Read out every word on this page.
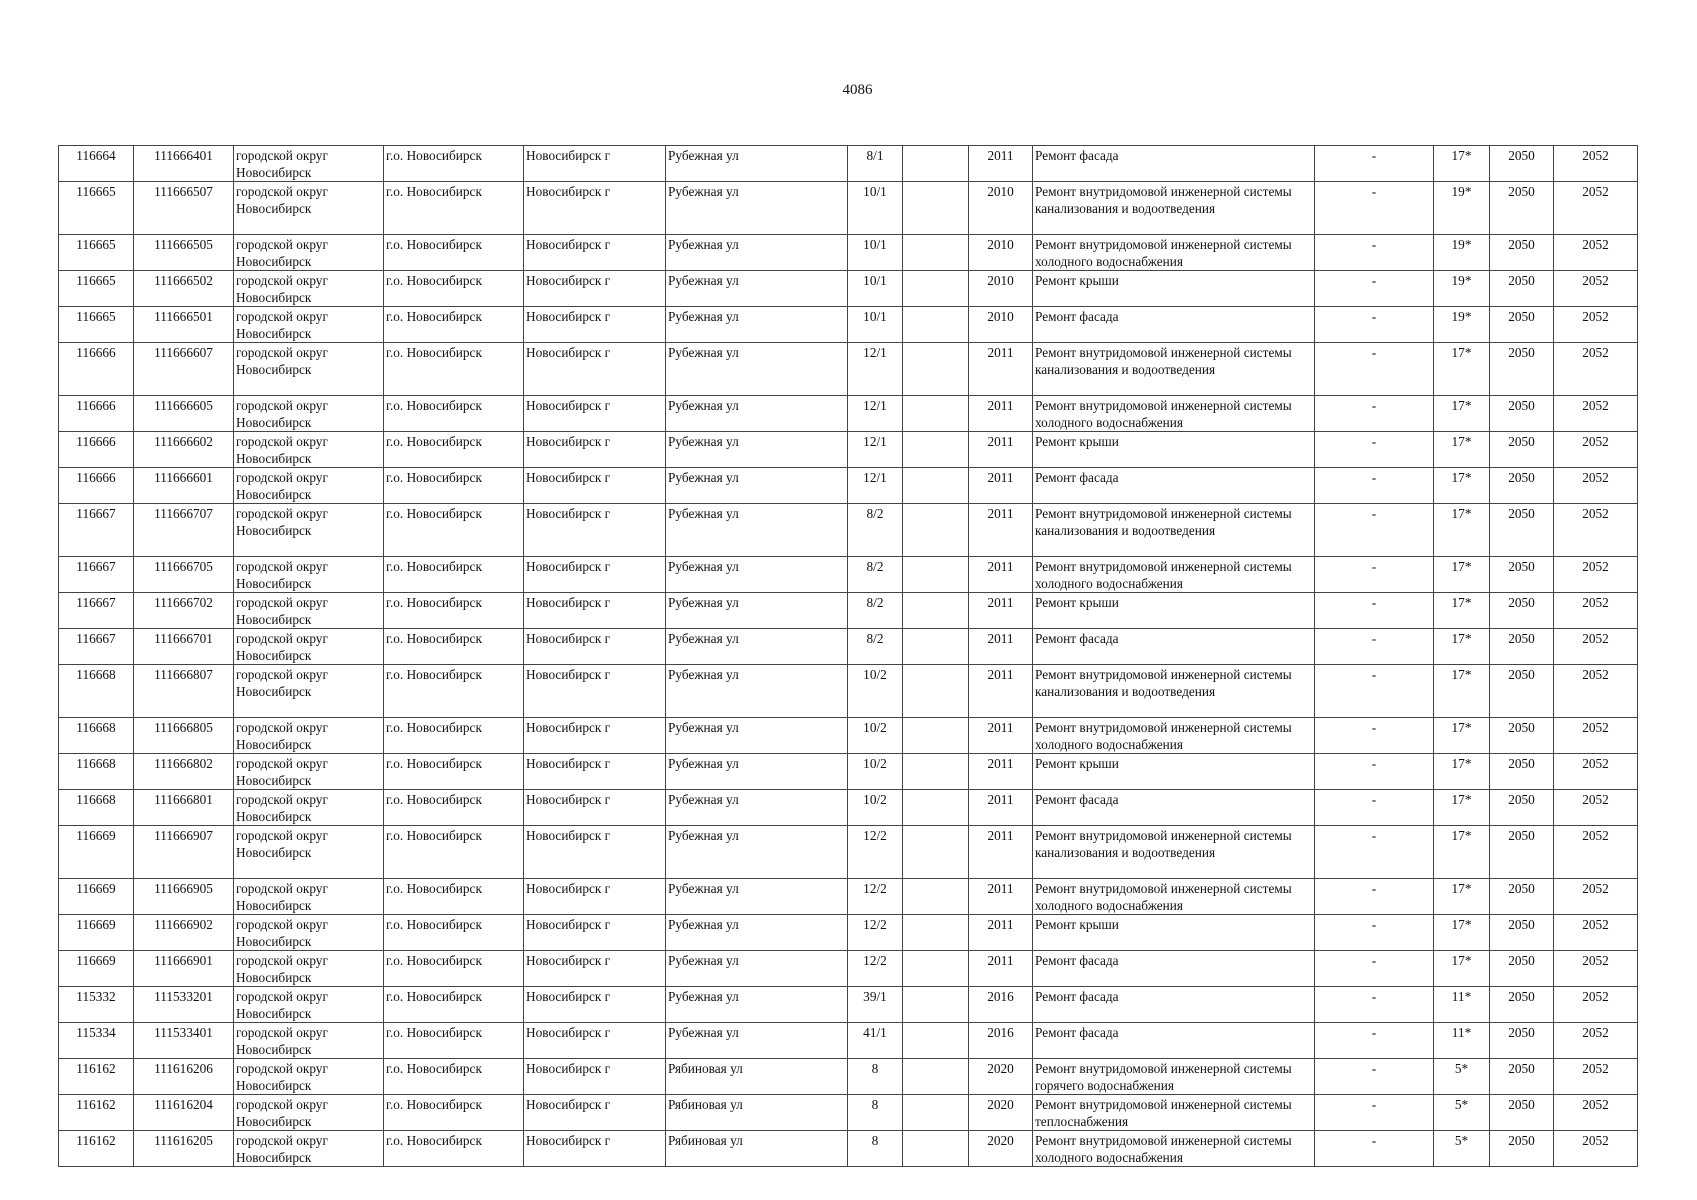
4086
116664	111666401	городской округ Новосибирск	г.о. Новосибирск	Новосибирск г	Рубежная ул	8/1		2011	Ремонт фасада	-	17*	2050	2052
116665	111666507	городской округ Новосибирск	г.о. Новосибирск	Новосибирск г	Рубежная ул	10/1		2010	Ремонт внутридомовой инженерной системы канализования и водоотведения	-	19*	2050	2052
116665	111666505	городской округ Новосибирск	г.о. Новосибирск	Новосибирск г	Рубежная ул	10/1		2010	Ремонт внутридомовой инженерной системы холодного водоснабжения	-	19*	2050	2052
116665	111666502	городской округ Новосибирск	г.о. Новосибирск	Новосибирск г	Рубежная ул	10/1		2010	Ремонт крыши	-	19*	2050	2052
116665	111666501	городской округ Новосибирск	г.о. Новосибирск	Новосибирск г	Рубежная ул	10/1		2010	Ремонт фасада	-	19*	2050	2052
116666	111666607	городской округ Новосибирск	г.о. Новосибирск	Новосибирск г	Рубежная ул	12/1		2011	Ремонт внутридомовой инженерной системы канализования и водоотведения	-	17*	2050	2052
116666	111666605	городской округ Новосибирск	г.о. Новосибирск	Новосибирск г	Рубежная ул	12/1		2011	Ремонт внутридомовой инженерной системы холодного водоснабжения	-	17*	2050	2052
116666	111666602	городской округ Новосибирск	г.о. Новосибирск	Новосибирск г	Рубежная ул	12/1		2011	Ремонт крыши	-	17*	2050	2052
116666	111666601	городской округ Новосибирск	г.о. Новосибирск	Новосибирск г	Рубежная ул	12/1		2011	Ремонт фасада	-	17*	2050	2052
116667	111666707	городской округ Новосибирск	г.о. Новосибирск	Новосибирск г	Рубежная ул	8/2		2011	Ремонт внутридомовой инженерной системы канализования и водоотведения	-	17*	2050	2052
116667	111666705	городской округ Новосибирск	г.о. Новосибирск	Новосибирск г	Рубежная ул	8/2		2011	Ремонт внутридомовой инженерной системы холодного водоснабжения	-	17*	2050	2052
116667	111666702	городской округ Новосибирск	г.о. Новосибирск	Новосибирск г	Рубежная ул	8/2		2011	Ремонт крыши	-	17*	2050	2052
116667	111666701	городской округ Новосибирск	г.о. Новосибирск	Новосибирск г	Рубежная ул	8/2		2011	Ремонт фасада	-	17*	2050	2052
116668	111666807	городской округ Новосибирск	г.о. Новосибирск	Новосибирск г	Рубежная ул	10/2		2011	Ремонт внутридомовой инженерной системы канализования и водоотведения	-	17*	2050	2052
116668	111666805	городской округ Новосибирск	г.о. Новосибирск	Новосибирск г	Рубежная ул	10/2		2011	Ремонт внутридомовой инженерной системы холодного водоснабжения	-	17*	2050	2052
116668	111666802	городской округ Новосибирск	г.о. Новосибирск	Новосибирск г	Рубежная ул	10/2		2011	Ремонт крыши	-	17*	2050	2052
116668	111666801	городской округ Новосибирск	г.о. Новосибирск	Новосибирск г	Рубежная ул	10/2		2011	Ремонт фасада	-	17*	2050	2052
116669	111666907	городской округ Новосибирск	г.о. Новосибирск	Новосибирск г	Рубежная ул	12/2		2011	Ремонт внутридомовой инженерной системы канализования и водоотведения	-	17*	2050	2052
116669	111666905	городской округ Новосибирск	г.о. Новосибирск	Новосибирск г	Рубежная ул	12/2		2011	Ремонт внутридомовой инженерной системы холодного водоснабжения	-	17*	2050	2052
116669	111666902	городской округ Новосибирск	г.о. Новосибирск	Новосибирск г	Рубежная ул	12/2		2011	Ремонт крыши	-	17*	2050	2052
116669	111666901	городской округ Новосибирск	г.о. Новосибирск	Новосибирск г	Рубежная ул	12/2		2011	Ремонт фасада	-	17*	2050	2052
115332	111533201	городской округ Новосибирск	г.о. Новосибирск	Новосибирск г	Рубежная ул	39/1		2016	Ремонт фасада	-	11*	2050	2052
115334	111533401	городской округ Новосибирск	г.о. Новосибирск	Новосибирск г	Рубежная ул	41/1		2016	Ремонт фасада	-	11*	2050	2052
116162	111616206	городской округ Новосибирск	г.о. Новосибирск	Новосибирск г	Рябиновая ул	8		2020	Ремонт внутридомовой инженерной системы горячего водоснабжения	-	5*	2050	2052
116162	111616204	городской округ Новосибирск	г.о. Новосибирск	Новосибирск г	Рябиновая ул	8		2020	Ремонт внутридомовой инженерной системы теплоснабжения	-	5*	2050	2052
116162	111616205	городской округ Новосибирск	г.о. Новосибирск	Новосибирск г	Рябиновая ул	8		2020	Ремонт внутридомовой инженерной системы холодного водоснабжения	-	5*	2050	2052
